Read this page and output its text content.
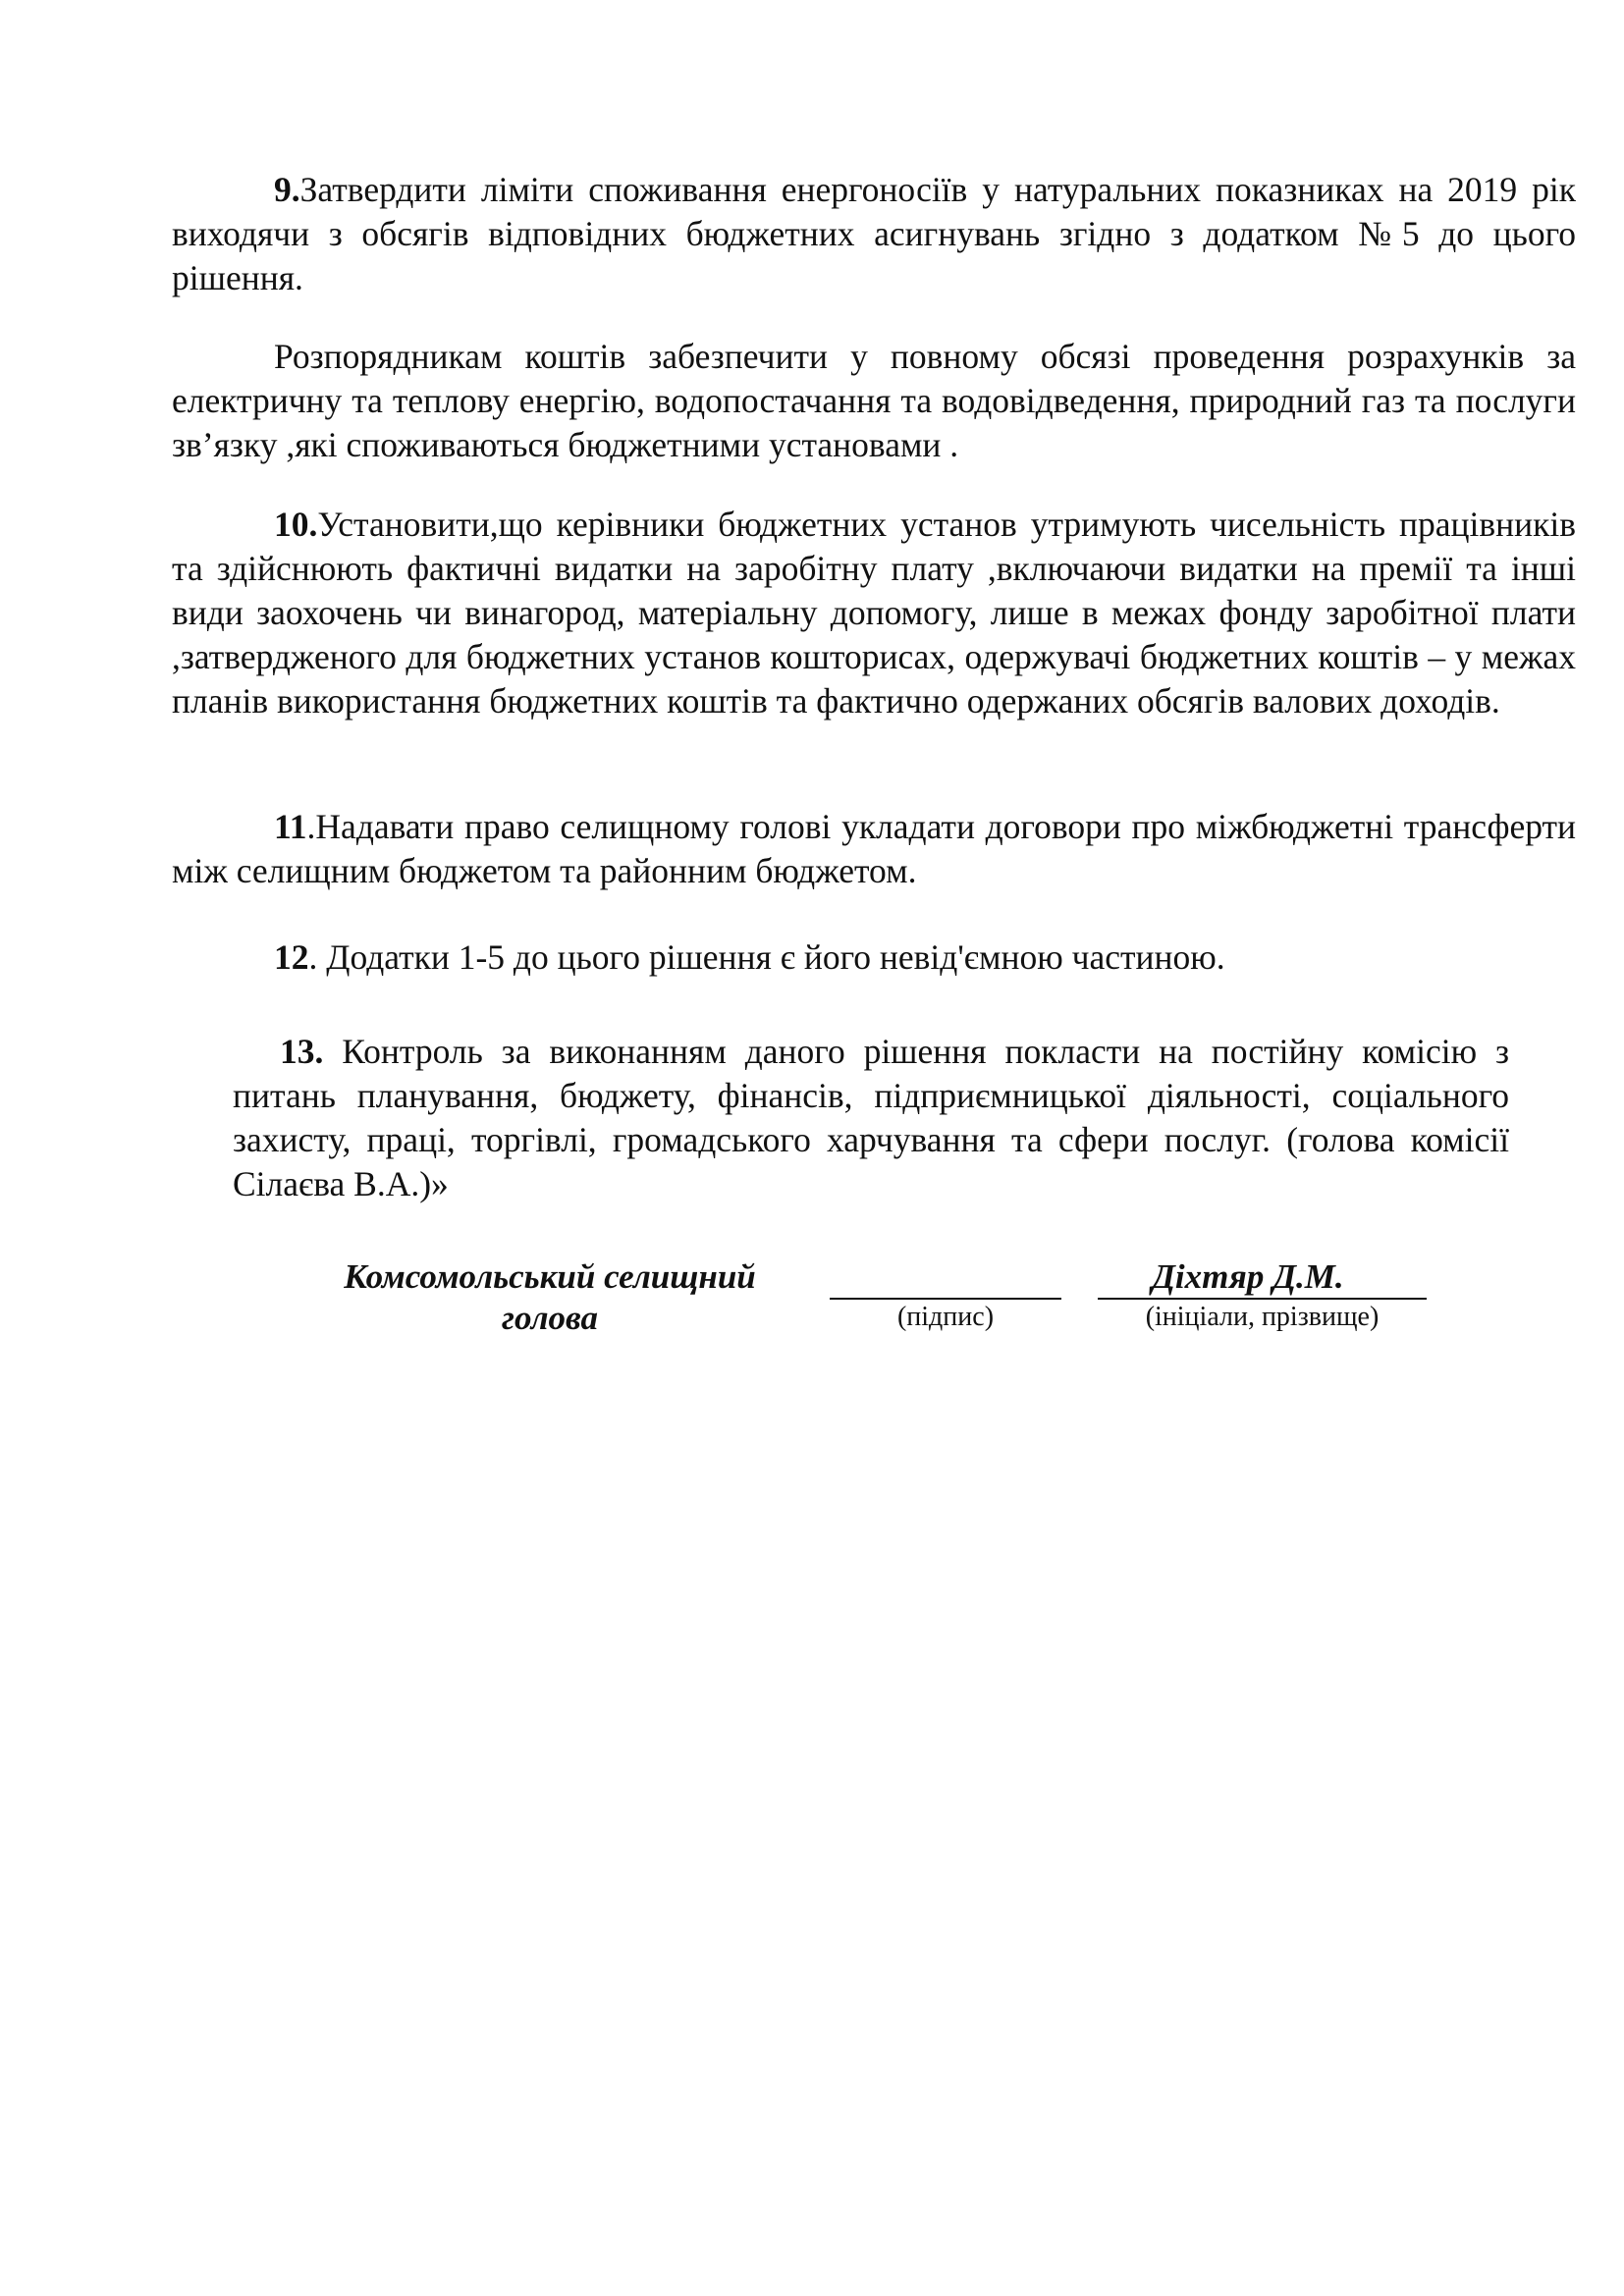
9.Затвердити ліміти споживання енергоносіїв у натуральних показниках на 2019 рік виходячи з обсягів відповідних бюджетних асигнувань згідно з додатком №5 до цього рішення.

Розпорядникам коштів забезпечити у повному обсязі проведення розрахунків за електричну та теплову енергію, водопостачання та водовідведення, природний газ та послуги зв’язку ,які споживаються бюджетними установами .

10.Установити,що керівники бюджетних установ утримують чисельність працівників та здійснюють фактичні видатки на заробітну плату ,включаючи видатки на премії та інші види заохочень чи винагород, матеріальну допомогу, лише в межах фонду заробітної плати ,затвердженого для бюджетних установ кошторисах, одержувачі бюджетних коштів – у межах планів використання бюджетних коштів та фактично одержаних обсягів валових доходів.

11.Надавати право селищному голові укладати договори про міжбюджетні трансферти між селищним бюджетом та районним бюджетом.

12. Додатки 1-5 до цього рішення є його невід'ємною частиною.

13. Контроль за виконанням даного рішення покласти на постійну комісію з питань планування, бюджету, фінансів, підприємницької діяльності, соціального захисту, праці, торгівлі, громадського харчування та сфери послуг. (голова комісії Сілаєва В.А.)»

Комсомольський селищний голова	(підпис)
Діхтяр Д.М.
(ініціали, прізвище)
